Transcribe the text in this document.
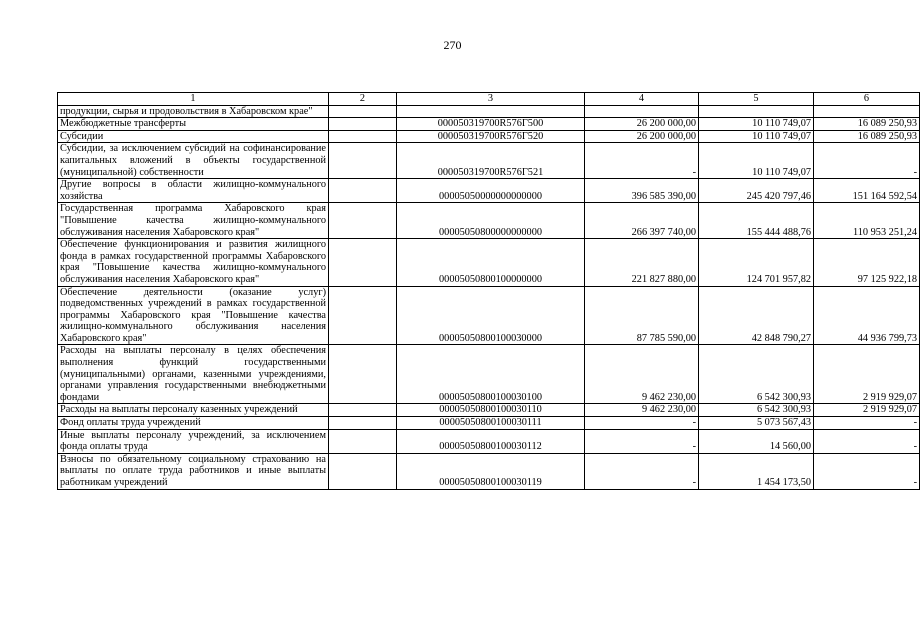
270
1	2	3	4	5	6
продукции, сырья и продовольствия в Хабаровском крае"					
Межбюджетные трансферты		000050319700R576Г500	26 200 000,00	10 110 749,07	16 089 250,93
Субсидии		000050319700R576Г520	26 200 000,00	10 110 749,07	16 089 250,93
Субсидии, за исключением субсидий на софинансирование капитальных вложений в объекты государственной (муниципальной) собственности		000050319700R576Г521	-	10 110 749,07	-
Другие вопросы в области жилищно-коммунального хозяйства		00005050000000000000	396 585 390,00	245 420 797,46	151 164 592,54
Государственная программа Хабаровского края "Повышение качества жилищно-коммунального обслуживания населения Хабаровского края"		00005050800000000000	266 397 740,00	155 444 488,76	110 953 251,24
Обеспечение функционирования и развития жилищного фонда в рамках государственной программы Хабаровского края "Повышение качества жилищно-коммунального обслуживания населения Хабаровского края"		00005050800100000000	221 827 880,00	124 701 957,82	97 125 922,18
Обеспечение деятельности (оказание услуг) подведомственных учреждений в рамках государственной программы Хабаровского края "Повышение качества жилищно-коммунального обслуживания населения Хабаровского края"		00005050800100030000	87 785 590,00	42 848 790,27	44 936 799,73
Расходы на выплаты персоналу в целях обеспечения выполнения функций государственными (муниципальными) органами, казенными учреждениями, органами управления государственными внебюджетными фондами		00005050800100030100	9 462 230,00	6 542 300,93	2 919 929,07
Расходы на выплаты персоналу казенных учреждений		00005050800100030110	9 462 230,00	6 542 300,93	2 919 929,07
Фонд оплаты труда учреждений		00005050800100030111	-	5 073 567,43	-
Иные выплаты персоналу учреждений, за исключением фонда оплаты труда		00005050800100030112	-	14 560,00	-
Взносы по обязательному социальному страхованию на выплаты по оплате труда работников и иные выплаты работникам учреждений		00005050800100030119	-	1 454 173,50	-
